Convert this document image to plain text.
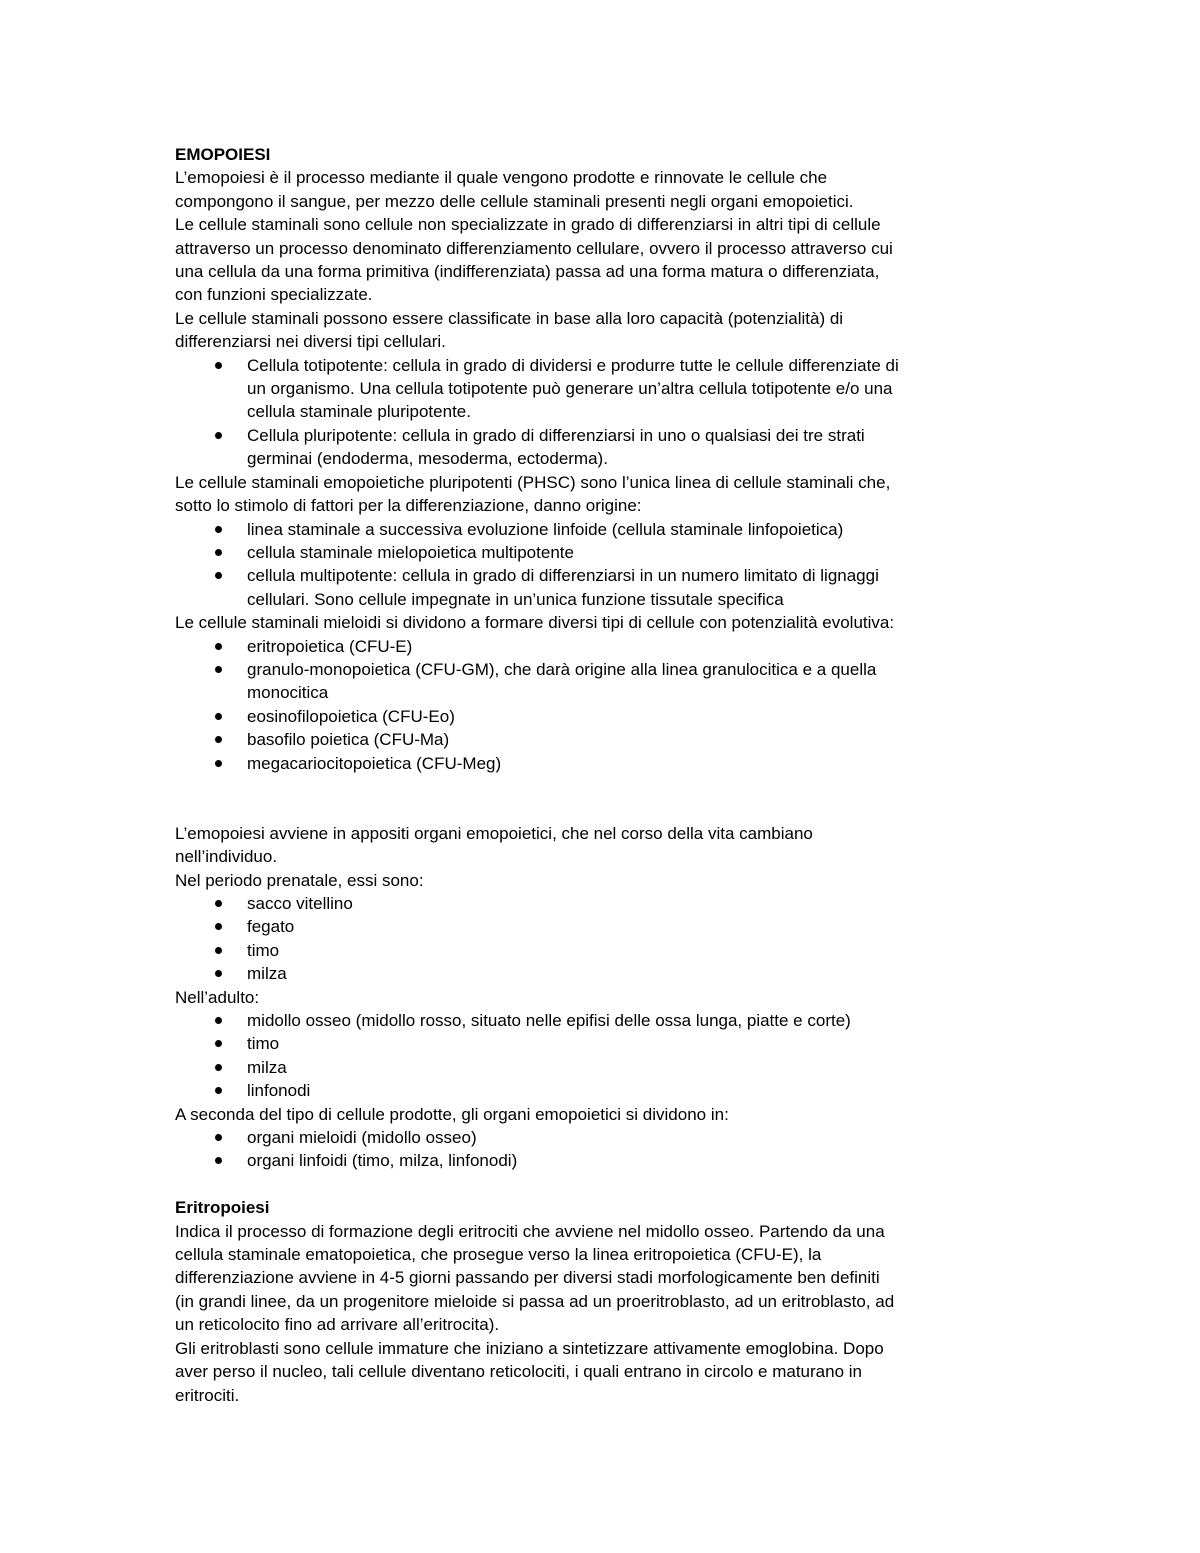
EMOPOIESI

L’emopoiesi è il processo mediante il quale vengono prodotte e rinnovate le cellule che

compongono il sangue, per mezzo delle cellule staminali presenti negli organi emopoietici.

Le cellule staminali sono cellule non specializzate in grado di differenziarsi in altri tipi di cellule

attraverso un processo denominato differenziamento cellulare, ovvero il processo attraverso cui

una cellula da una forma primitiva (indifferenziata) passa ad una forma matura o differenziata,

con funzioni specializzate.

Le cellule staminali possono essere classificate in base alla loro capacità (potenzialità) di

differenziarsi nei diversi tipi cellulari.

Cellula totipotente: cellula in grado di dividersi e produrre tutte le cellule differenziate di
un organismo. Una cellula totipotente può generare un’altra cellula totipotente e/o una
cellula staminale pluripotente.
Cellula pluripotente: cellula in grado di differenziarsi in uno o qualsiasi dei tre strati
germinai (endoderma, mesoderma, ectoderma).

Le cellule staminali emopoietiche pluripotenti (PHSC) sono l’unica linea di cellule staminali che,

sotto lo stimolo di fattori per la differenziazione, danno origine:

linea staminale a successiva evoluzione linfoide (cellula staminale linfopoietica)
cellula staminale mielopoietica multipotente
cellula multipotente: cellula in grado di differenziarsi in un numero limitato di lignaggi
cellulari. Sono cellule impegnate in un’unica funzione tissutale specifica

Le cellule staminali mieloidi si dividono a formare diversi tipi di cellule con potenzialità evolutiva:

eritropoietica (CFU-E)
granulo-monopoietica (CFU-GM), che darà origine alla linea granulocitica e a quella
monocitica
eosinofilopoietica (CFU-Eo)
basofilo poietica (CFU-Ma)
megacariocitopoietica (CFU-Meg)

L’emopoiesi avviene in appositi organi emopoietici, che nel corso della vita cambiano

nell’individuo.

Nel periodo prenatale, essi sono:

sacco vitellino
fegato
timo
milza

Nell’adulto:

midollo osseo (midollo rosso, situato nelle epifisi delle ossa lunga, piatte e corte)
timo
milza
linfonodi

A seconda del tipo di cellule prodotte, gli organi emopoietici si dividono in:

organi mieloidi (midollo osseo)
organi linfoidi (timo, milza, linfonodi)

Eritropoiesi

Indica il processo di formazione degli eritrociti che avviene nel midollo osseo. Partendo da una

cellula staminale ematopoietica, che prosegue verso la linea eritropoietica (CFU-E), la

differenziazione avviene in 4-5 giorni passando per diversi stadi morfologicamente ben definiti

(in grandi linee, da un progenitore mieloide si passa ad un proeritroblasto, ad un eritroblasto, ad

un reticolocito fino ad arrivare all’eritrocita).

Gli eritroblasti sono cellule immature che iniziano a sintetizzare attivamente emoglobina. Dopo

aver perso il nucleo, tali cellule diventano reticolociti, i quali entrano in circolo e maturano in

eritrociti.
